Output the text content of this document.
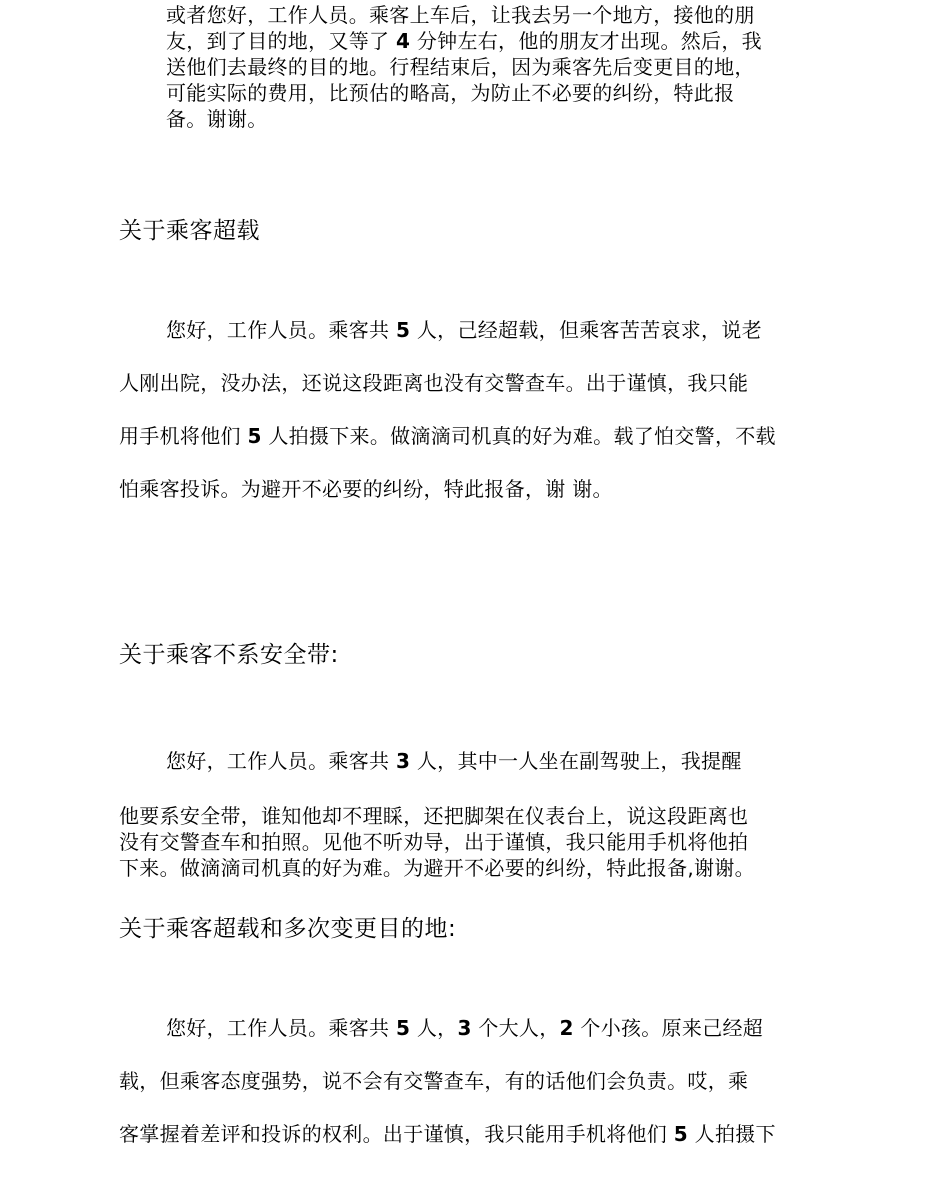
或者您好，工作人员。乘客上车后，让我去另一个地方，接他的朋
友，到了目的地，又等了 4 分钟左右，他的朋友才出现。然后，我
送他们去最终的目的地。行程结束后，因为乘客先后变更目的地，
可能实际的费用，比预估的略高，为防止不必要的纠纷，特此报
备。谢谢。
关于乘客超载
您好，工作人员。乘客共 5 人，己经超载，但乘客苦苦哀求，说老
人刚出院，没办法，还说这段距离也没有交警查车。出于谨慎，我只能
用手机将他们 5 人拍摄下来。做滴滴司机真的好为难。载了怕交警，不载
怕乘客投诉。为避开不必要的纠纷，特此报备，谢 谢。
关于乘客不系安全带:
您好，工作人员。乘客共 3 人，其中一人坐在副驾驶上，我提醒
他要系安全带，谁知他却不理睬，还把脚架在仪表台上，说这段距离也
没有交警查车和拍照。见他不听劝导，出于谨慎，我只能用手机将他拍
下来。做滴滴司机真的好为难。为避开不必要的纠纷，特此报备,谢谢。
关于乘客超载和多次变更目的地:
您好，工作人员。乘客共 5 人，3 个大人，2 个小孩。原来己经超
载，但乘客态度强势，说不会有交警查车，有的话他们会负责。哎，乘
客掌握着差评和投诉的权利。出于谨慎，我只能用手机将他们 5 人拍摄下
